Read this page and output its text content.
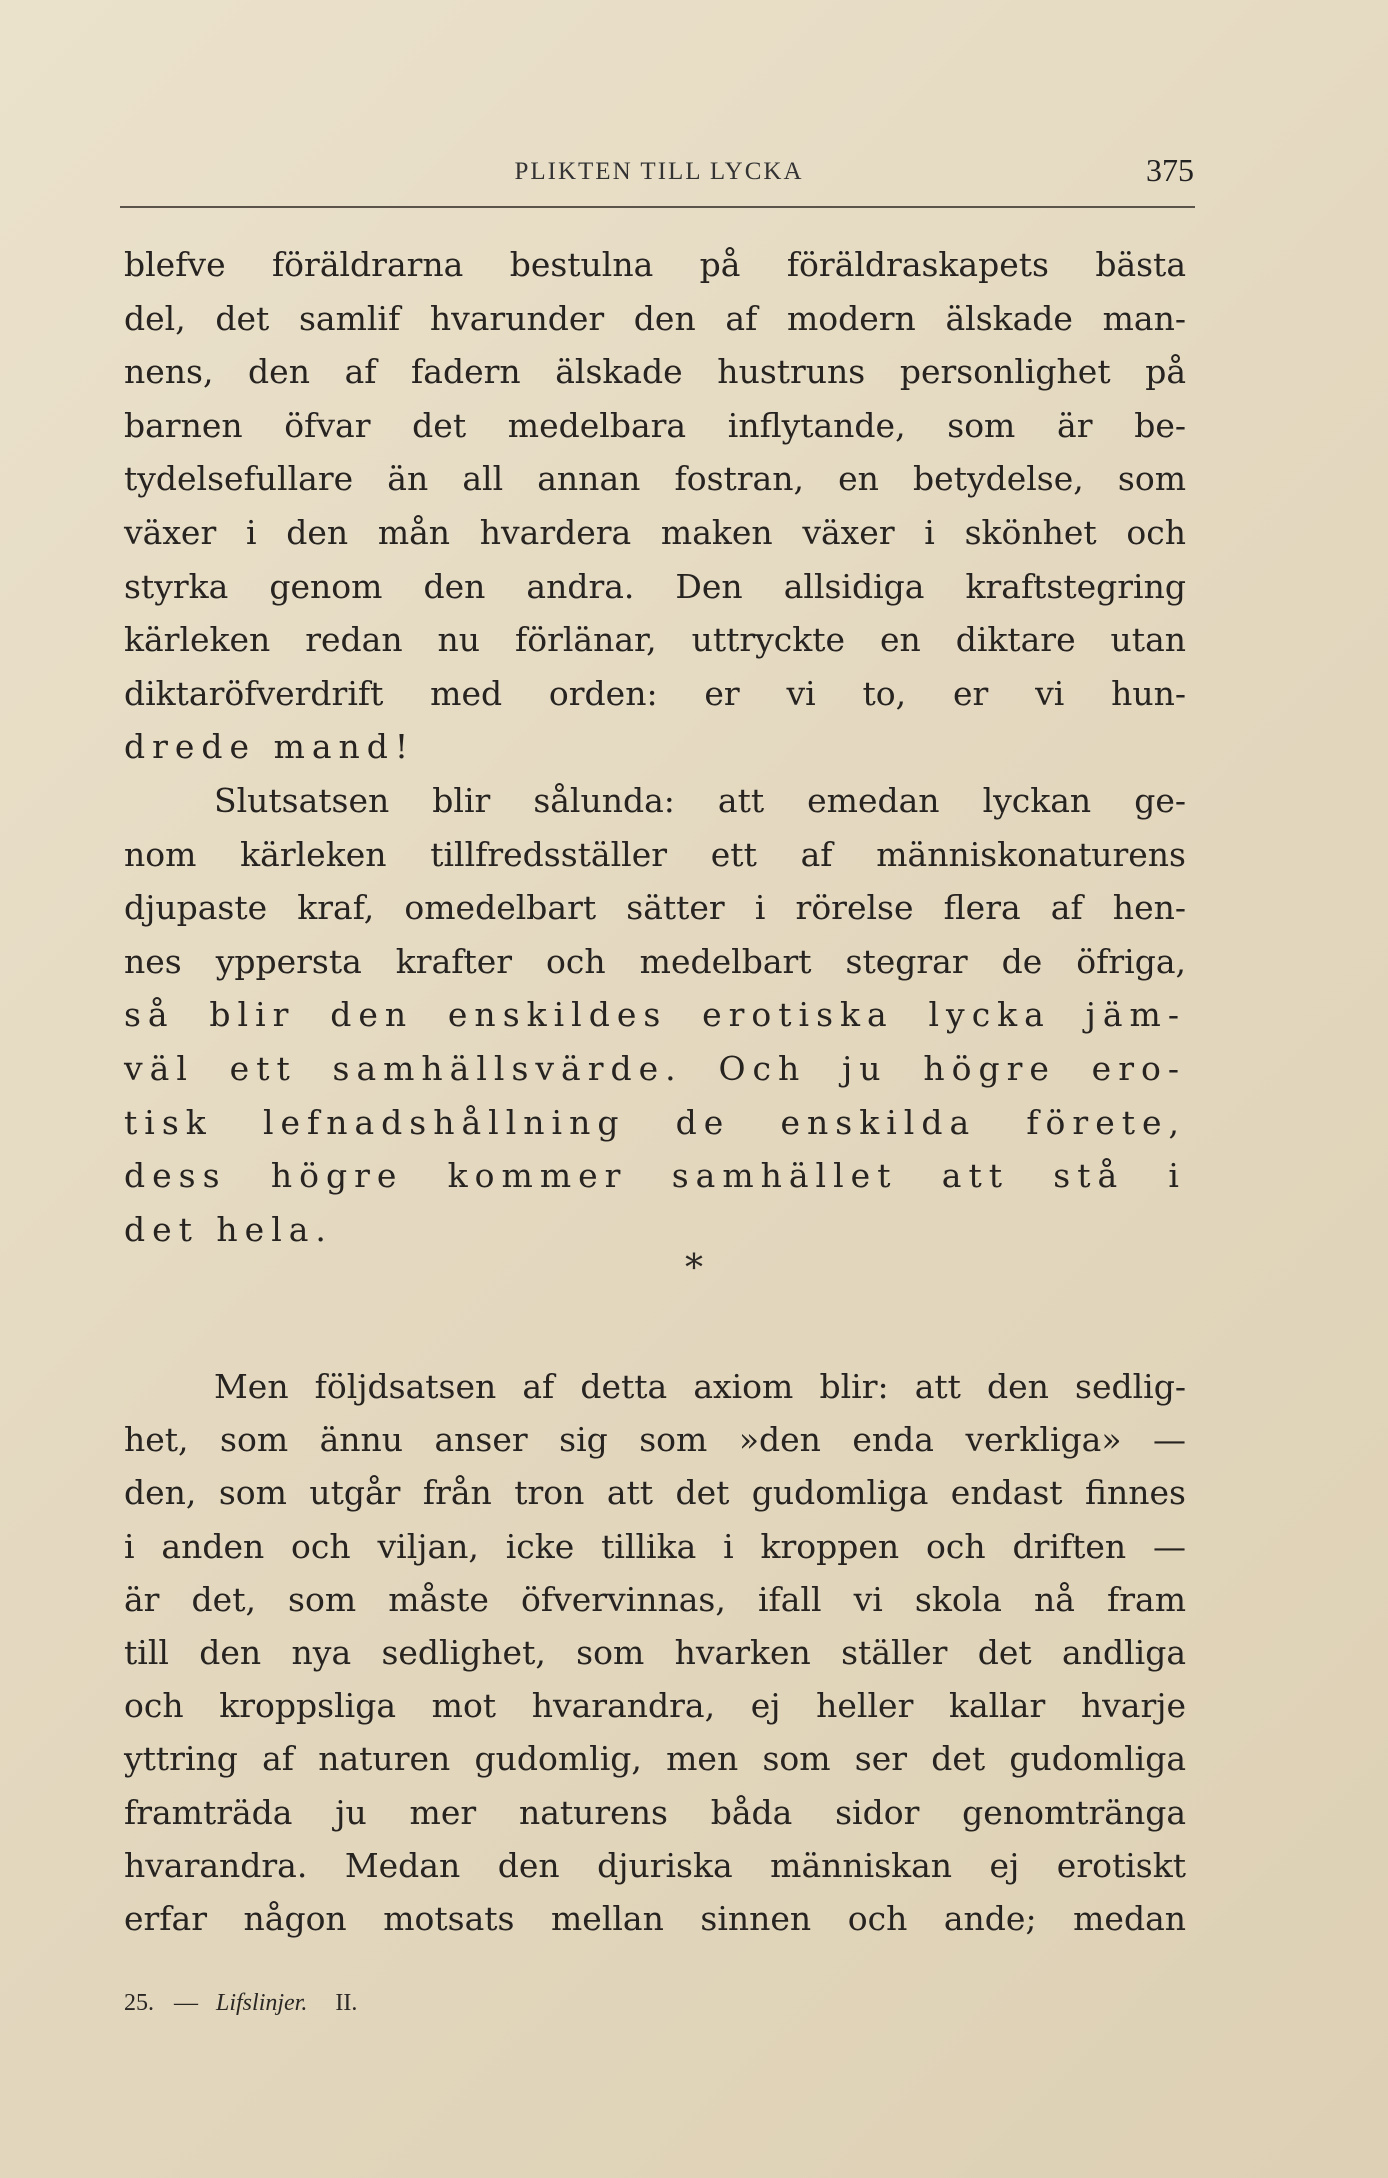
PLIKTEN TILL LYCKA	375
blefve föräldrarna bestulna på föräldraskapets bästa
del, det samlif hvarunder den af modern älskade man-
nens, den af fadern älskade hustruns personlighet på
barnen öfvar det medelbara inflytande, som är be-
tydelsefullare än all annan fostran, en betydelse, som
växer i den mån hvardera maken växer i skönhet och
styrka genom den andra. Den allsidiga kraftstegring
kärleken redan nu förlänar, uttryckte en diktare utan
diktaröfverdrift med orden: er vi to, er vi hun-
drede mand!
Slutsatsen blir sålunda: att emedan lyckan ge-
nom kärleken tillfredsställer ett af människonaturens
djupaste kraf, omedelbart sätter i rörelse flera af hen-
nes yppersta krafter och medelbart stegrar de öfriga,
så blir den enskildes erotiska lycka jäm-
väl ett samhällsvärde. Och ju högre ero-
tisk lefnadshållning de enskilda förete,
dess högre kommer samhället att stå i
det hela.
*
Men följdsatsen af detta axiom blir: att den sedlig-
het, som ännu anser sig som »den enda verkliga» —
den, som utgår från tron att det gudomliga endast finnes
i anden och viljan, icke tillika i kroppen och driften —
är det, som måste öfvervinnas, ifall vi skola nå fram
till den nya sedlighet, som hvarken ställer det andliga
och kroppsliga mot hvarandra, ej heller kallar hvarje
yttring af naturen gudomlig, men som ser det gudomliga
framträda ju mer naturens båda sidor genomtränga
hvarandra. Medan den djuriska människan ej erotiskt
erfar någon motsats mellan sinnen och ande; medan
25. — Lifslinjer. II.
